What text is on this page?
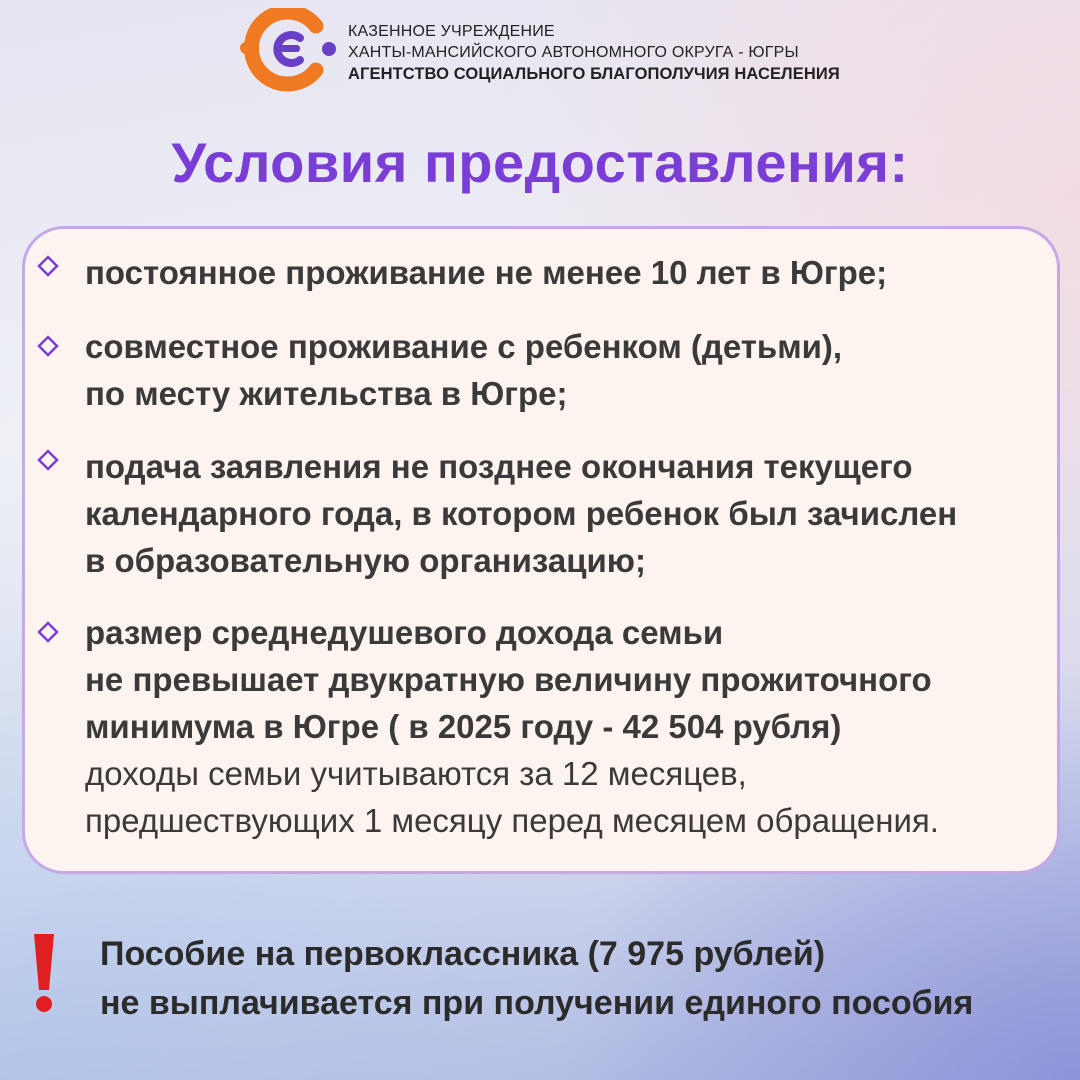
КАЗЕННОЕ УЧРЕЖДЕНИЕ
ХАНТЫ-МАНСИЙСКОГО АВТОНОМНОГО ОКРУГА - ЮГРЫ
АГЕНТСТВО СОЦИАЛЬНОГО БЛАГОПОЛУЧИЯ НАСЕЛЕНИЯ
Условия предоставления:
постоянное проживание не менее 10 лет в Югре;
совместное проживание с ребенком (детьми),
по месту жительства в Югре;
подача заявления не позднее окончания текущего
календарного года, в котором ребенок был зачислен
в образовательную организацию;
размер среднедушевого дохода семьи
не превышает двукратную величину прожиточного
минимума в Югре ( в 2025 году - 42 504 рубля)
доходы семьи учитываются за 12 месяцев,
предшествующих 1 месяцу перед месяцем обращения.
Пособие на первоклассника (7 975 рублей)
не выплачивается при получении единого пособия
